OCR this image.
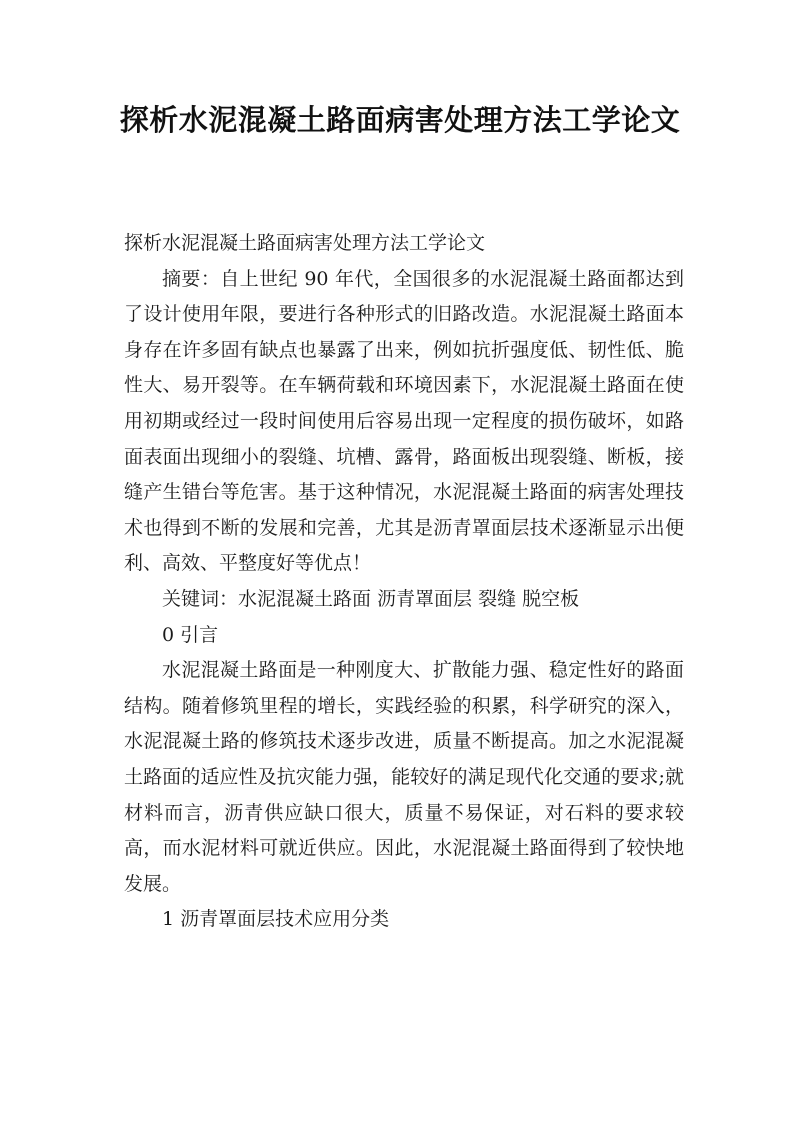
探析水泥混凝土路面病害处理方法工学论文

探析水泥混凝土路面病害处理方法工学论文

摘要：自上世纪 90 年代，全国很多的水泥混凝土路面都达到了设计使用年限，要进行各种形式的旧路改造。水泥混凝土路面本身存在许多固有缺点也暴露了出来，例如抗折强度低、韧性低、脆性大、易开裂等。在车辆荷载和环境因素下，水泥混凝土路面在使用初期或经过一段时间使用后容易出现一定程度的损伤破坏，如路面表面出现细小的裂缝、坑槽、露骨，路面板出现裂缝、断板，接缝产生错台等危害。基于这种情况，水泥混凝土路面的病害处理技术也得到不断的发展和完善，尤其是沥青罩面层技术逐渐显示出便利、高效、平整度好等优点！

关键词：水泥混凝土路面 沥青罩面层 裂缝 脱空板

0 引言

水泥混凝土路面是一种刚度大、扩散能力强、稳定性好的路面结构。随着修筑里程的增长，实践经验的积累，科学研究的深入，水泥混凝土路的修筑技术逐步改进，质量不断提高。加之水泥混凝土路面的适应性及抗灾能力强，能较好的满足现代化交通的要求;就材料而言，沥青供应缺口很大，质量不易保证，对石料的要求较高，而水泥材料可就近供应。因此，水泥混凝土路面得到了较快地发展。

1 沥青罩面层技术应用分类
